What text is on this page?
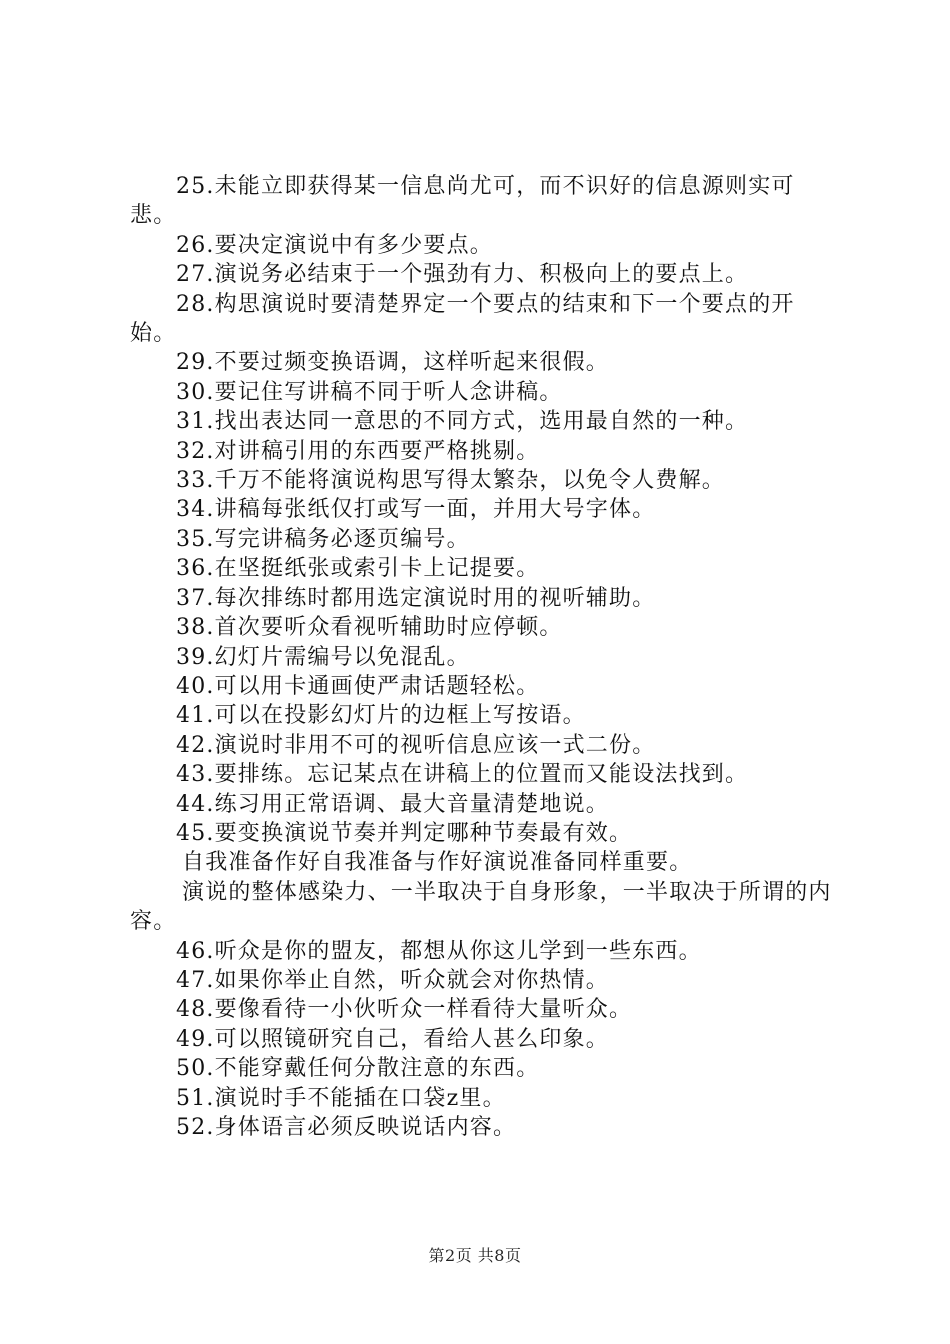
25.未能立即获得某一信息尚尤可，而不识好的信息源则实可悲。

26.要决定演说中有多少要点。

27.演说务必结束于一个强劲有力、积极向上的要点上。

28.构思演说时要清楚界定一个要点的结束和下一个要点的开始。

29.不要过频变换语调，这样听起来很假。

30.要记住写讲稿不同于听人念讲稿。

31.找出表达同一意思的不同方式，选用最自然的一种。

32.对讲稿引用的东西要严格挑剔。

33.千万不能将演说构思写得太繁杂，以免令人费解。

34.讲稿每张纸仅打或写一面，并用大号字体。

35.写完讲稿务必逐页编号。

36.在坚挺纸张或索引卡上记提要。

37.每次排练时都用选定演说时用的视听辅助。

38.首次要听众看视听辅助时应停顿。

39.幻灯片需编号以免混乱。

40.可以用卡通画使严肃话题轻松。

41.可以在投影幻灯片的边框上写按语。

42.演说时非用不可的视听信息应该一式二份。

43.要排练。忘记某点在讲稿上的位置而又能设法找到。

44.练习用正常语调、最大音量清楚地说。

45.要变换演说节奏并判定哪种节奏最有效。

自我准备作好自我准备与作好演说准备同样重要。

演说的整体感染力、一半取决于自身形象，一半取决于所谓的内容。

46.听众是你的盟友，都想从你这儿学到一些东西。

47.如果你举止自然，听众就会对你热情。

48.要像看待一小伙听众一样看待大量听众。

49.可以照镜研究自己，看给人甚么印象。

50.不能穿戴任何分散注意的东西。

51.演说时手不能插在口袋z里。

52.身体语言必须反映说话内容。

第2页 共8页
